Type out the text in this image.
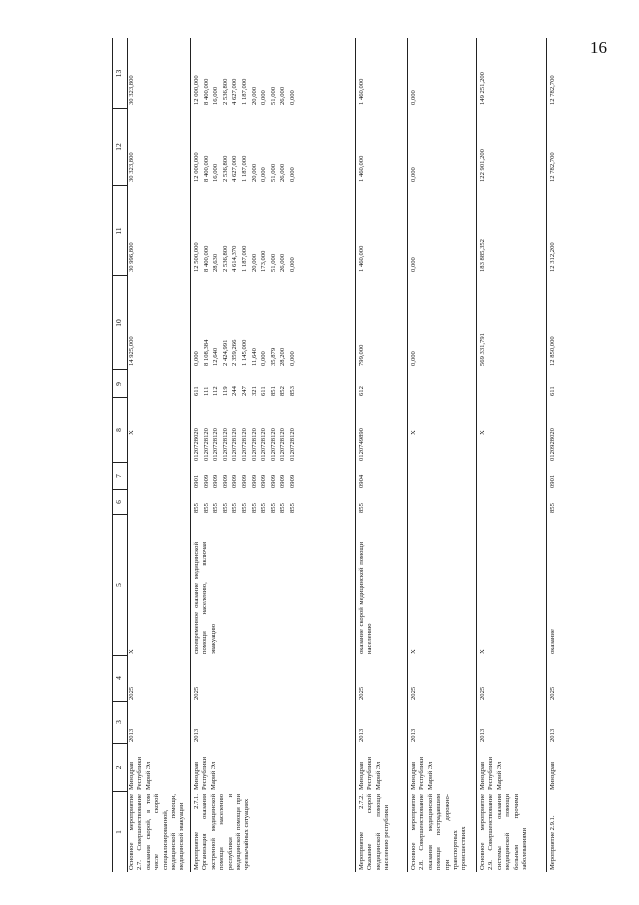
16
1
2
3
4
5
6
7
8
9
10
11
12
13
Основное мероприятие 2.7. Совершенствование оказания скорой, в том числе скорой специализированной, медицинской помощи, медицинской эвакуации
Минздрав Республики Марий Эл
2013
2025
X
X
14 925,000
30 996,800
30 323,800
30 323,800
Мероприятие 2.7.1. Организация оказания экстренной медицинской помощи населению республики и медицинской помощи при чрезвычайных ситуациях
Минздрав Республики Марий Эл
2013
2025
своевременное оказание медицинской помощи населению, включая эвакуацию
855
0901
0120728020
611
0,000
12 500,000
12 000,000
12 000,000
855
0909
0120728120
111
8 108,384
8 400,000
8 400,000
8 400,000
855
0909
0120728120
112
12,640
28,630
16,000
16,000
855
0909
0120728120
119
2 424,991
2 536,800
2 536,800
2 536,800
855
0909
0120728120
244
2 359,266
4 614,370
4 627,000
4 627,000
855
0909
0120728120
247
1 145,000
1 187,000
1 187,000
1 187,000
855
0909
0120728120
321
11,640
20,000
20,000
20,000
855
0909
0120728120
611
0,000
173,000
0,000
0,000
855
0909
0120728120
851
35,879
51,000
51,000
51,000
855
0909
0120728120
852
28,200
26,000
26,000
26,000
855
0909
0120728120
853
0,000
0,000
0,000
0,000
Мероприятие 2.7.2. Оказание скорой медицинской помощи населению республики
Минздрав Республики Марий Эл
2013
2025
оказание скорой медицинской помощи населению
855
0904
0120749890
612
799,000
1 460,000
1 460,000
1 460,000
Основное мероприятие 2.8. Совершенствование оказания медицинской помощи пострадавшим при дорожно-транспортных происшествиях
Минздрав Республики Марий Эл
2013
2025
X
X
0,000
0,000
0,000
0,000
Основное мероприятие 2.9. Совершенствование системы оказания медицинской помощи больным прочими заболеваниями
Минздрав Республики Марий Эл
2013
2025
X
X
569 331,791
183 885,352
122 901,200
149 251,200
Мероприятие 2.9.1.
Минздрав
2013
2025
оказание
855
0901
0120928020
611
12 850,000
12 312,200
12 782,700
12 782,700
